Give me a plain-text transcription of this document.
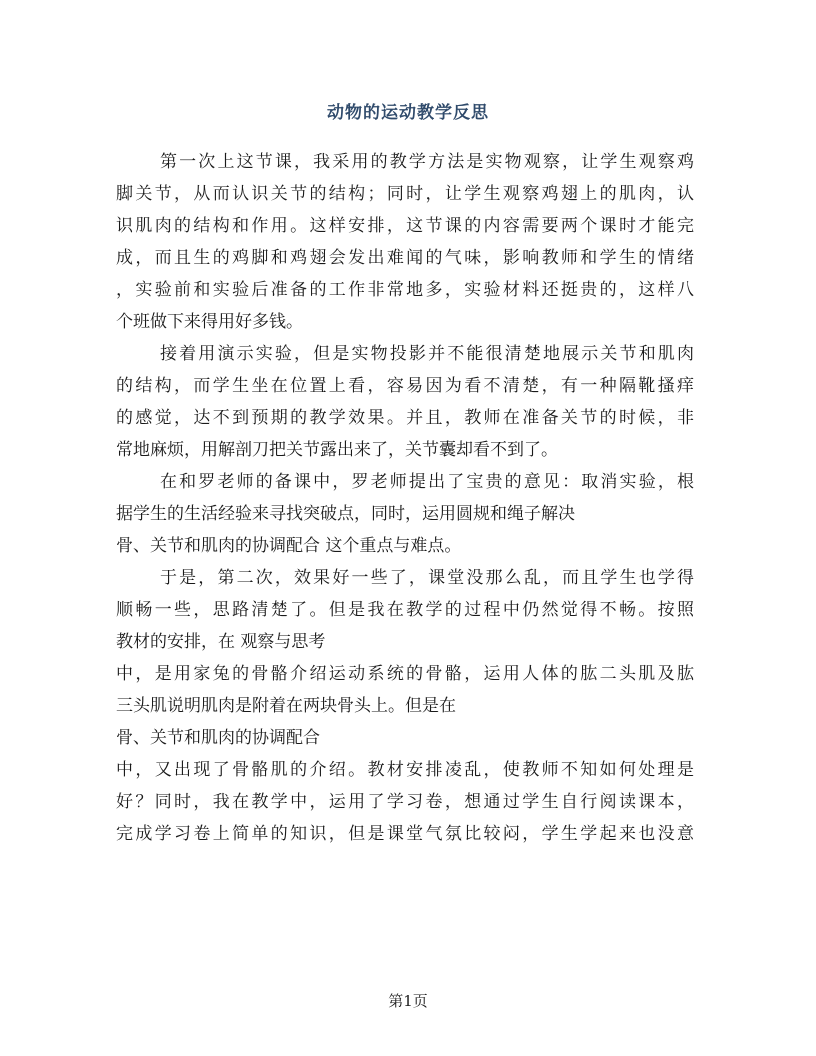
动物的运动教学反思
第一次上这节课，我采用的教学方法是实物观察，让学生观察鸡
脚关节，从而认识关节的结构；同时，让学生观察鸡翅上的肌肉，认
识肌肉的结构和作用。这样安排，这节课的内容需要两个课时才能完
成，而且生的鸡脚和鸡翅会发出难闻的气味，影响教师和学生的情绪
，实验前和实验后准备的工作非常地多，实验材料还挺贵的，这样八
个班做下来得用好多钱。
接着用演示实验，但是实物投影并不能很清楚地展示关节和肌肉
的结构，而学生坐在位置上看，容易因为看不清楚，有一种隔靴搔痒
的感觉，达不到预期的教学效果。并且，教师在准备关节的时候，非
常地麻烦，用解剖刀把关节露出来了，关节囊却看不到了。
在和罗老师的备课中，罗老师提出了宝贵的意见：取消实验，根
据学生的生活经验来寻找突破点，同时，运用圆规和绳子解决
骨、关节和肌肉的协调配合 这个重点与难点。
于是，第二次，效果好一些了，课堂没那么乱，而且学生也学得
顺畅一些，思路清楚了。但是我在教学的过程中仍然觉得不畅。按照
教材的安排，在 观察与思考
中，是用家兔的骨骼介绍运动系统的骨骼，运用人体的肱二头肌及肱
三头肌说明肌肉是附着在两块骨头上。但是在
骨、关节和肌肉的协调配合
中，又出现了骨骼肌的介绍。教材安排凌乱，使教师不知如何处理是
好？同时，我在教学中，运用了学习卷，想通过学生自行阅读课本，
完成学习卷上简单的知识，但是课堂气氛比较闷，学生学起来也没意
第1页
